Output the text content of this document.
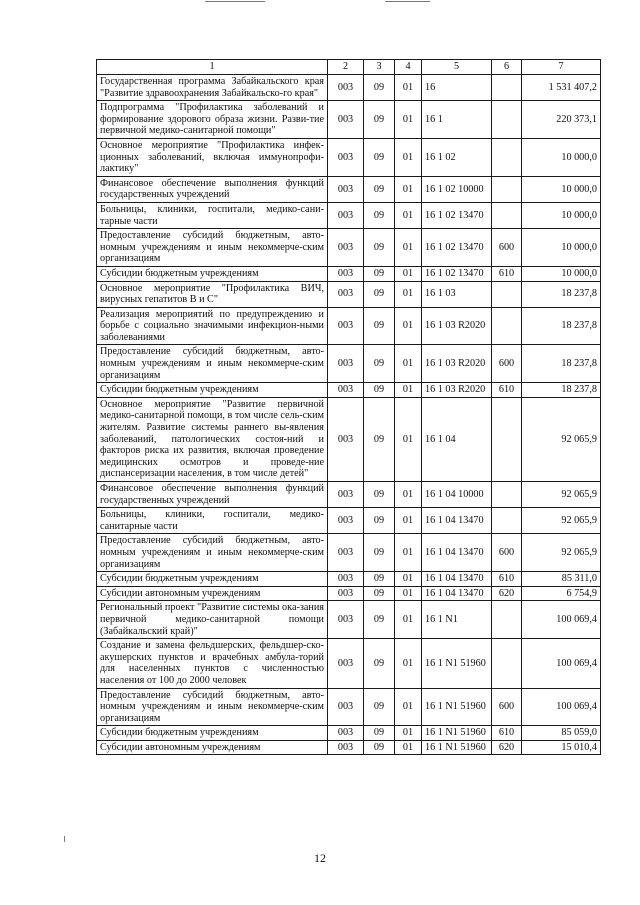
1	2	3	4	5	6	7
Государственная программа Забайкальского края "Развитие здравоохранения Забайкальско-го края"	003	09	01	16		1 531 407,2
Подпрограмма "Профилактика заболеваний и формирование здорового образа жизни. Разви-тие первичной медико-санитарной помощи"	003	09	01	16 1		220 373,1
Основное мероприятие "Профилактика инфек-ционных заболеваний, включая иммунопрофи-лактику"	003	09	01	16 1 02		10 000,0
Финансовое обеспечение выполнения функций государственных учреждений	003	09	01	16 1 02 10000		10 000,0
Больницы, клиники, госпитали, медико-сани-тарные части	003	09	01	16 1 02 13470		10 000,0
Предоставление субсидий бюджетным, авто-номным учреждениям и иным некоммерче-ским организациям	003	09	01	16 1 02 13470	600	10 000,0
Субсидии бюджетным учреждениям	003	09	01	16 1 02 13470	610	10 000,0
Основное мероприятие "Профилактика ВИЧ, вирусных гепатитов В и С"	003	09	01	16 1 03		18 237,8
Реализация мероприятий по предупреждению и борьбе с социально значимыми инфекцион-ными заболеваниями	003	09	01	16 1 03 R2020		18 237,8
Предоставление субсидий бюджетным, авто-номным учреждениям и иным некоммерче-ским организациям	003	09	01	16 1 03 R2020	600	18 237,8
Субсидии бюджетным учреждениям	003	09	01	16 1 03 R2020	610	18 237,8
Основное мероприятие "Развитие первичной медико-санитарной помощи, в том числе сель-ским жителям. Развитие системы раннего вы-явления заболеваний, патологических состоя-ний и факторов риска их развития, включая проведение медицинских осмотров и проведе-ние диспансеризации населения, в том числе детей"	003	09	01	16 1 04		92 065,9
Финансовое обеспечение выполнения функций государственных учреждений	003	09	01	16 1 04 10000		92 065,9
Больницы, клиники, госпитали, медико-санитарные части	003	09	01	16 1 04 13470		92 065,9
Предоставление субсидий бюджетным, авто-номным учреждениям и иным некоммерче-ским организациям	003	09	01	16 1 04 13470	600	92 065,9
Субсидии бюджетным учреждениям	003	09	01	16 1 04 13470	610	85 311,0
Субсидии автономным учреждениям	003	09	01	16 1 04 13470	620	6 754,9
Региональный проект "Развитие системы ока-зания первичной медико-санитарной помощи (Забайкальский край)"	003	09	01	16 1 N1		100 069,4
Создание и замена фельдшерских, фельдшер-ско-акушерских пунктов и врачебных амбула-торий для населенных пунктов с численностью населения от 100 до 2000 человек	003	09	01	16 1 N1 51960		100 069,4
Предоставление субсидий бюджетным, авто-номным учреждениям и иным некоммерче-ским организациям	003	09	01	16 1 N1 51960	600	100 069,4
Субсидии бюджетным учреждениям	003	09	01	16 1 N1 51960	610	85 059,0
Субсидии автономным учреждениям	003	09	01	16 1 N1 51960	620	15 010,4
12
